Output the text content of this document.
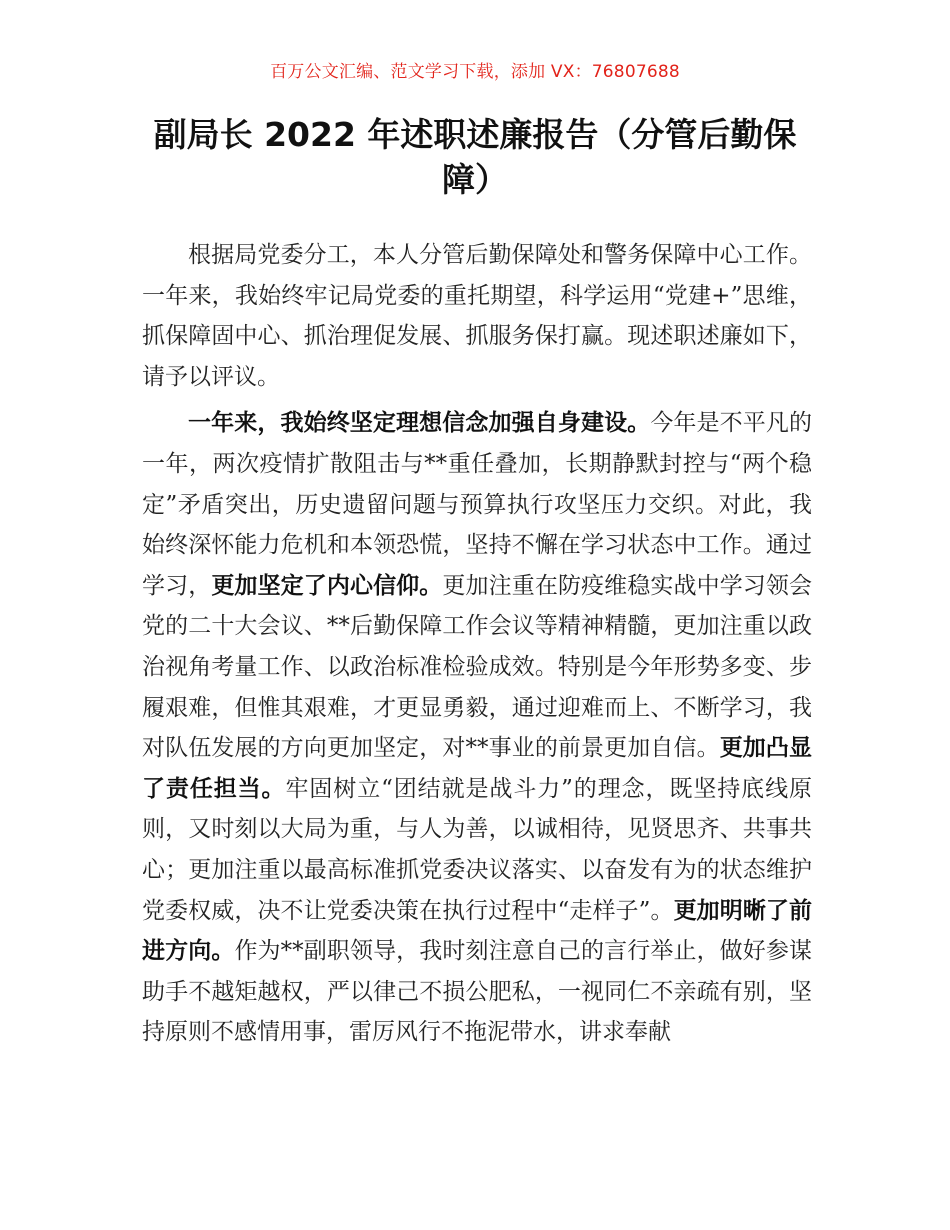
百万公文汇编、范文学习下载，添加 VX：76807688
副局长 2022 年述职述廉报告（分管后勤保障）

根据局党委分工，本人分管后勤保障处和警务保障中心工作。一年来，我始终牢记局党委的重托期望，科学运用“党建+”思维，抓保障固中心、抓治理促发展、抓服务保打赢。现述职述廉如下，请予以评议。

一年来，我始终坚定理想信念加强自身建设。今年是不平凡的一年，两次疫情扩散阻击与**重任叠加，长期静默封控与“两个稳定”矛盾突出，历史遗留问题与预算执行攻坚压力交织。对此，我始终深怀能力危机和本领恐慌，坚持不懈在学习状态中工作。通过学习，更加坚定了内心信仰。更加注重在防疫维稳实战中学习领会党的二十大会议、**后勤保障工作会议等精神精髓，更加注重以政治视角考量工作、以政治标准检验成效。特别是今年形势多变、步履艰难，但惟其艰难，才更显勇毅，通过迎难而上、不断学习，我对队伍发展的方向更加坚定，对**事业的前景更加自信。更加凸显了责任担当。牢固树立“团结就是战斗力”的理念，既坚持底线原则，又时刻以大局为重，与人为善，以诚相待，见贤思齐、共事共心；更加注重以最高标准抓党委决议落实、以奋发有为的状态维护党委权威，决不让党委决策在执行过程中“走样子”。更加明晰了前进方向。作为**副职领导，我时刻注意自己的言行举止，做好参谋助手不越矩越权，严以律己不损公肥私，一视同仁不亲疏有别，坚持原则不感情用事，雷厉风行不拖泥带水，讲求奉献
